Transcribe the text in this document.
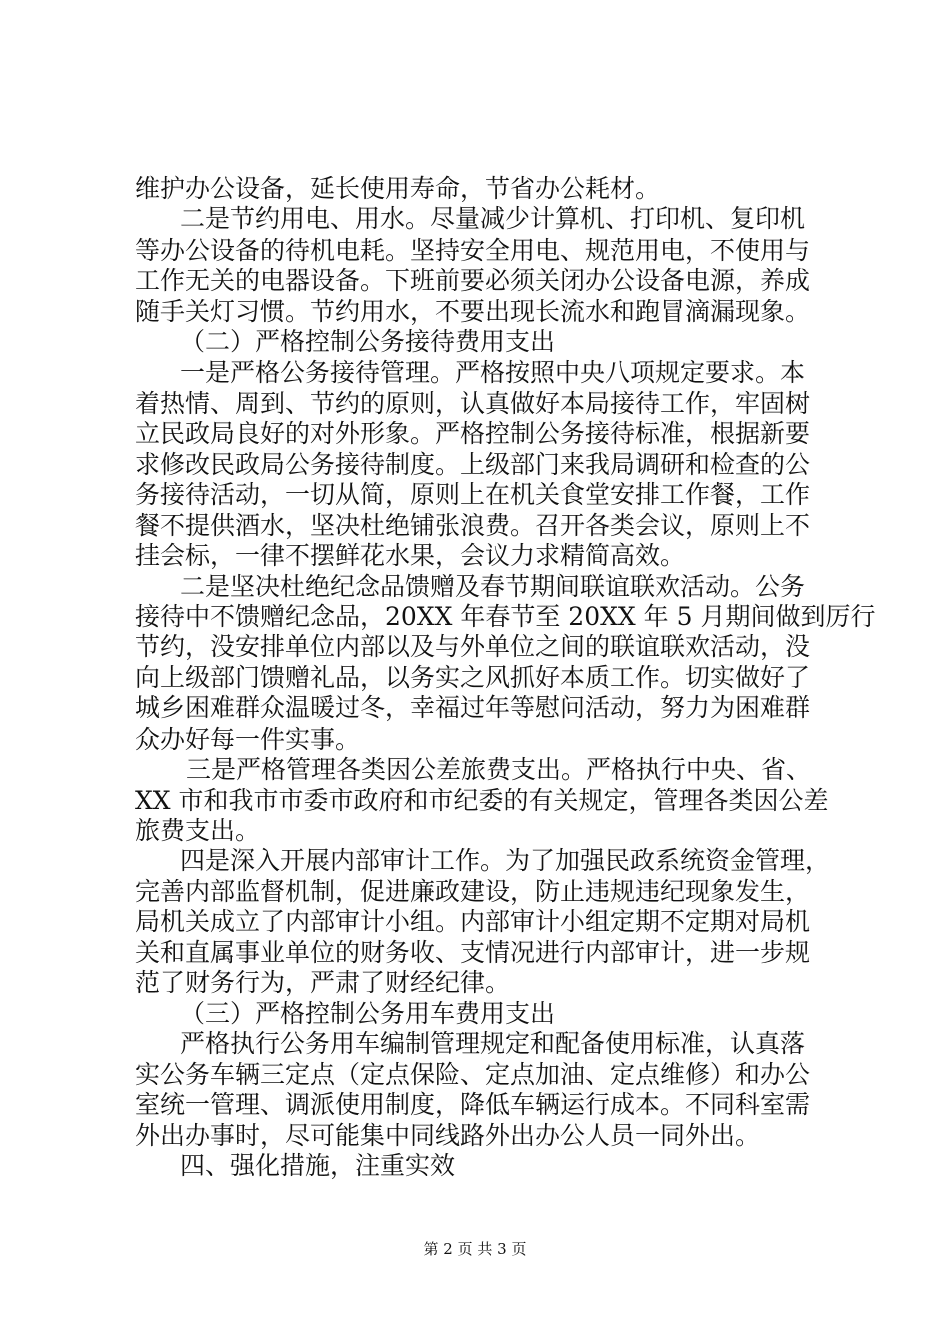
维护办公设备，延长使用寿命，节省办公耗材。
二是节约用电、用水。尽量减少计算机、打印机、复印机
等办公设备的待机电耗。坚持安全用电、规范用电，不使用与
工作无关的电器设备。下班前要必须关闭办公设备电源，养成
随手关灯习惯。节约用水，不要出现长流水和跑冒滴漏现象。
（二）严格控制公务接待费用支出
一是严格公务接待管理。严格按照中央八项规定要求。本
着热情、周到、节约的原则，认真做好本局接待工作，牢固树
立民政局良好的对外形象。严格控制公务接待标准，根据新要
求修改民政局公务接待制度。上级部门来我局调研和检查的公
务接待活动，一切从简，原则上在机关食堂安排工作餐，工作
餐不提供酒水，坚决杜绝铺张浪费。召开各类会议，原则上不
挂会标，一律不摆鲜花水果，会议力求精简高效。
二是坚决杜绝纪念品馈赠及春节期间联谊联欢活动。公务
接待中不馈赠纪念品，20XX 年春节至 20XX 年 5 月期间做到厉行
节约，没安排单位内部以及与外单位之间的联谊联欢活动，没
向上级部门馈赠礼品，以务实之风抓好本质工作。切实做好了
城乡困难群众温暖过冬，幸福过年等慰问活动，努力为困难群
众办好每一件实事。
三是严格管理各类因公差旅费支出。严格执行中央、省、
XX 市和我市市委市政府和市纪委的有关规定，管理各类因公差
旅费支出。
四是深入开展内部审计工作。为了加强民政系统资金管理，
完善内部监督机制，促进廉政建设，防止违规违纪现象发生，
局机关成立了内部审计小组。内部审计小组定期不定期对局机
关和直属事业单位的财务收、支情况进行内部审计，进一步规
范了财务行为，严肃了财经纪律。
（三）严格控制公务用车费用支出
严格执行公务用车编制管理规定和配备使用标准，认真落
实公务车辆三定点（定点保险、定点加油、定点维修）和办公
室统一管理、调派使用制度，降低车辆运行成本。不同科室需
外出办事时，尽可能集中同线路外出办公人员一同外出。
四、强化措施，注重实效
第 2 页 共 3 页
